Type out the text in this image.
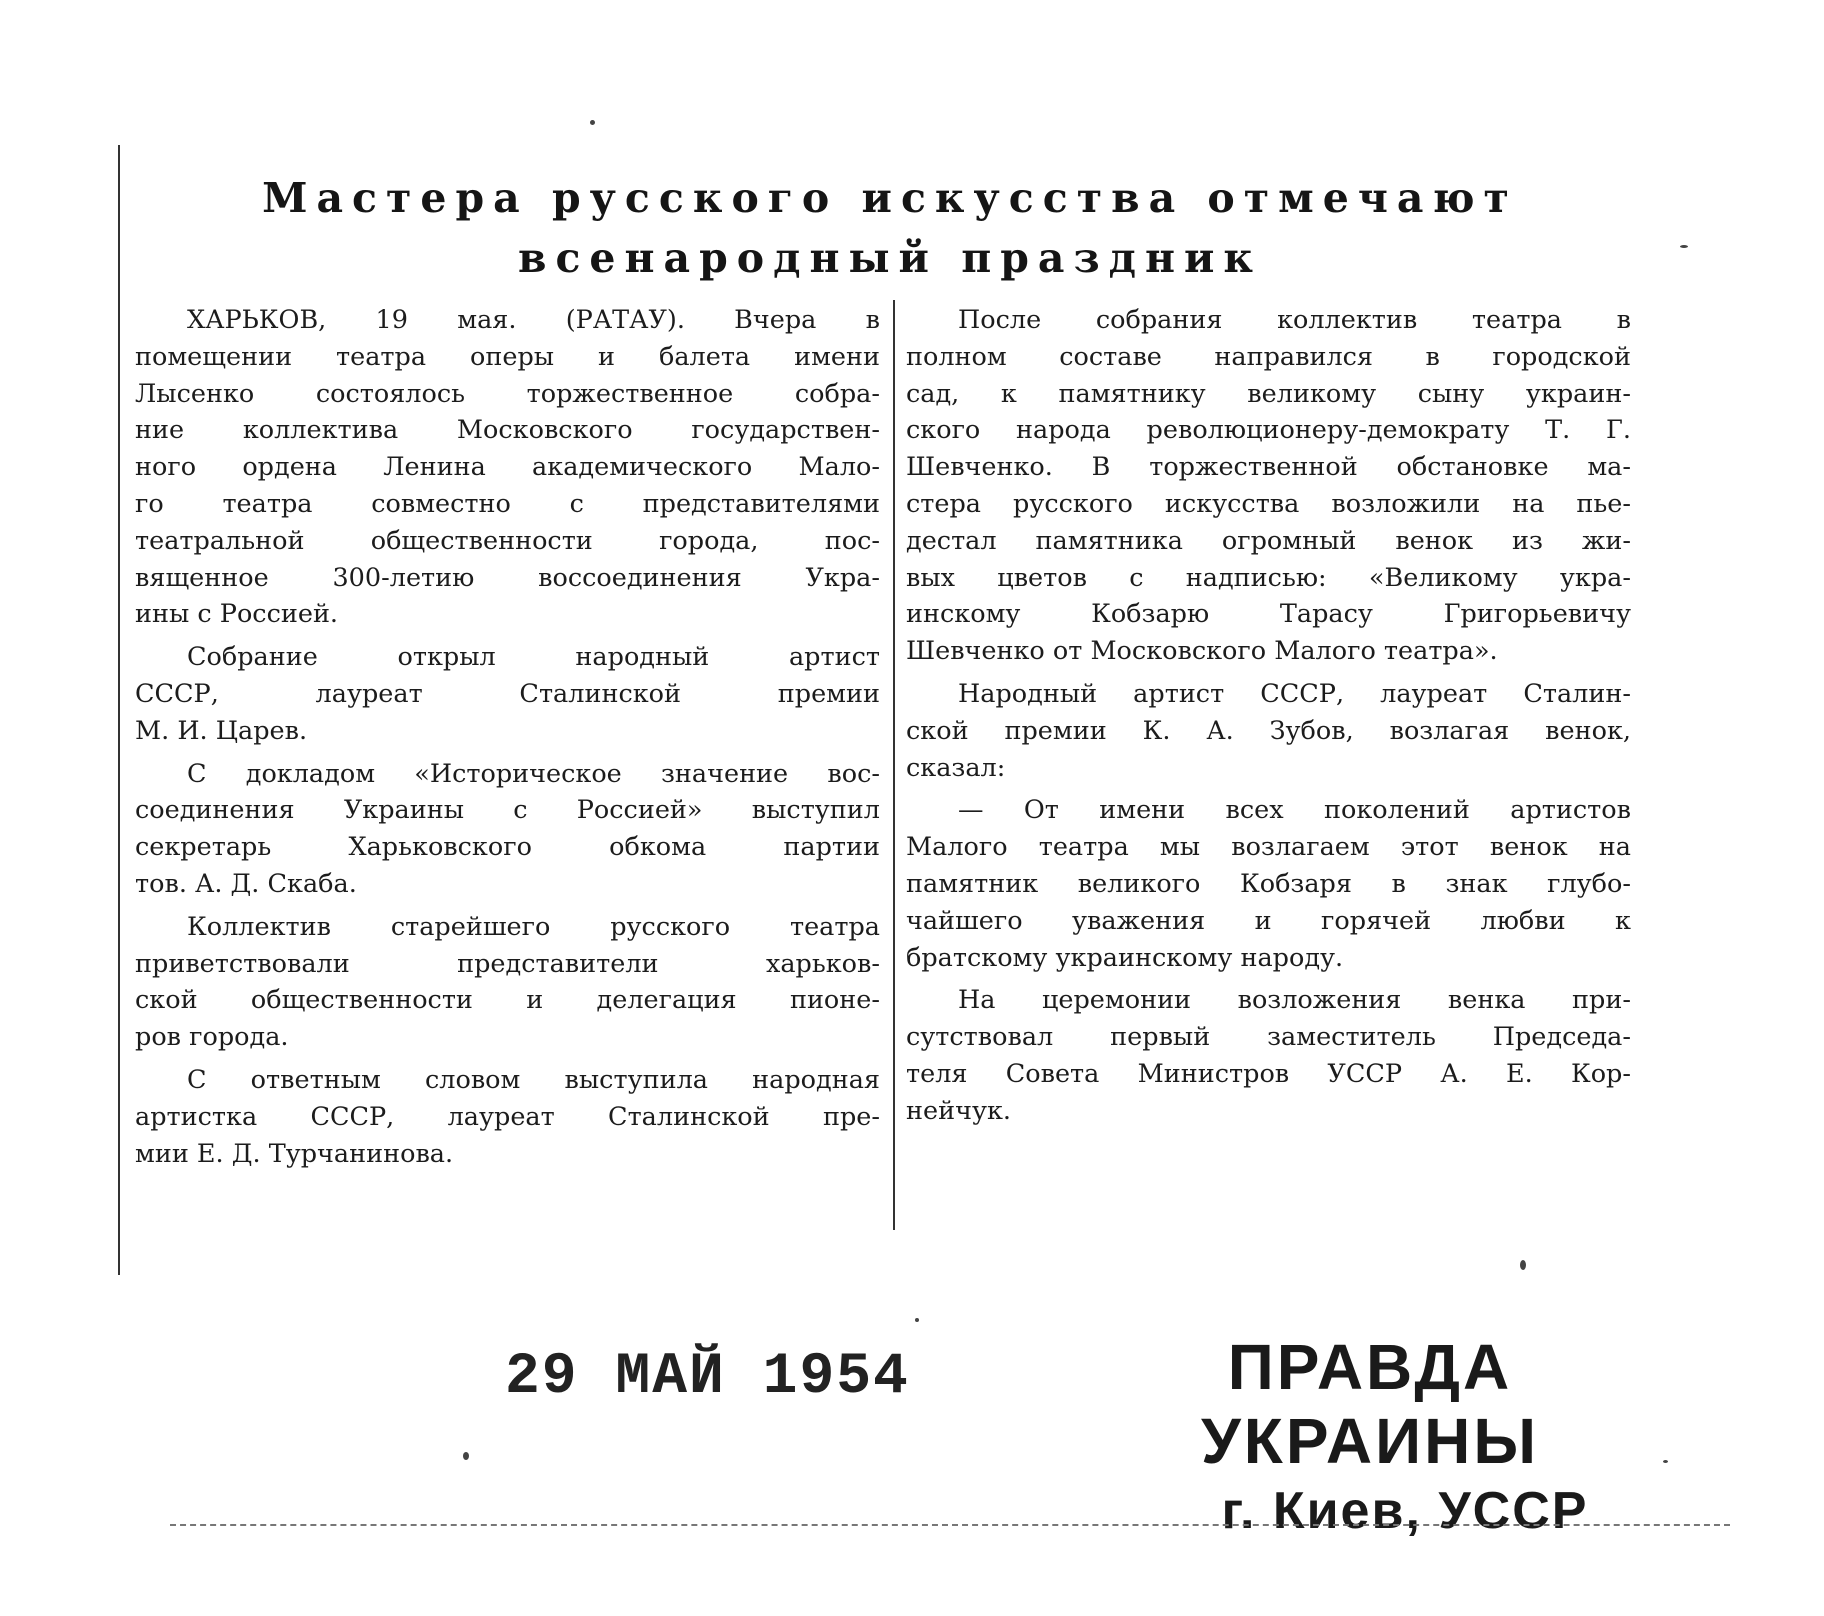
Мастера русского искусства отмечают
всенародный праздник
ХАРЬКОВ, 19 мая. (РАТАУ). Вчера в
помещении театра оперы и балета имени
Лысенко состоялось торжественное собра-
ние коллектива Московского государствен-
ного ордена Ленина академического Мало-
го театра совместно с представителями
театральной общественности города, пос-
вященное 300-летию воссоединения Укра-
ины с Россией.
Собрание открыл народный артист
СССР, лауреат Сталинской премии
М. И. Царев.
С докладом «Историческое значение вос-
соединения Украины с Россией» выступил
секретарь Харьковского обкома партии
тов. А. Д. Скаба.
Коллектив старейшего русского театра
приветствовали представители харьков-
ской общественности и делегация пионе-
ров города.
С ответным словом выступила народная
артистка СССР, лауреат Сталинской пре-
мии Е. Д. Турчанинова.
После собрания коллектив театра в
полном составе направился в городской
сад, к памятнику великому сыну украин-
ского народа революционеру-демократу Т. Г.
Шевченко. В торжественной обстановке ма-
стера русского искусства возложили на пье-
дестал памятника огромный венок из жи-
вых цветов с надписью: «Великому укра-
инскому Кобзарю Тарасу Григорьевичу
Шевченко от Московского Малого театра».
Народный артист СССР, лауреат Сталин-
ской премии К. А. Зубов, возлагая венок,
сказал:
— От имени всех поколений артистов
Малого театра мы возлагаем этот венок на
памятник великого Кобзаря в знак глубо-
чайшего уважения и горячей любви к
братскому украинскому народу.
На церемонии возложения венка при-
сутствовал первый заместитель Председа-
теля Совета Министров УССР А. Е. Кор-
нейчук.
29 МАЙ 1954	ПРАВДА УКРАИНЫ
г. Киев, УССР
